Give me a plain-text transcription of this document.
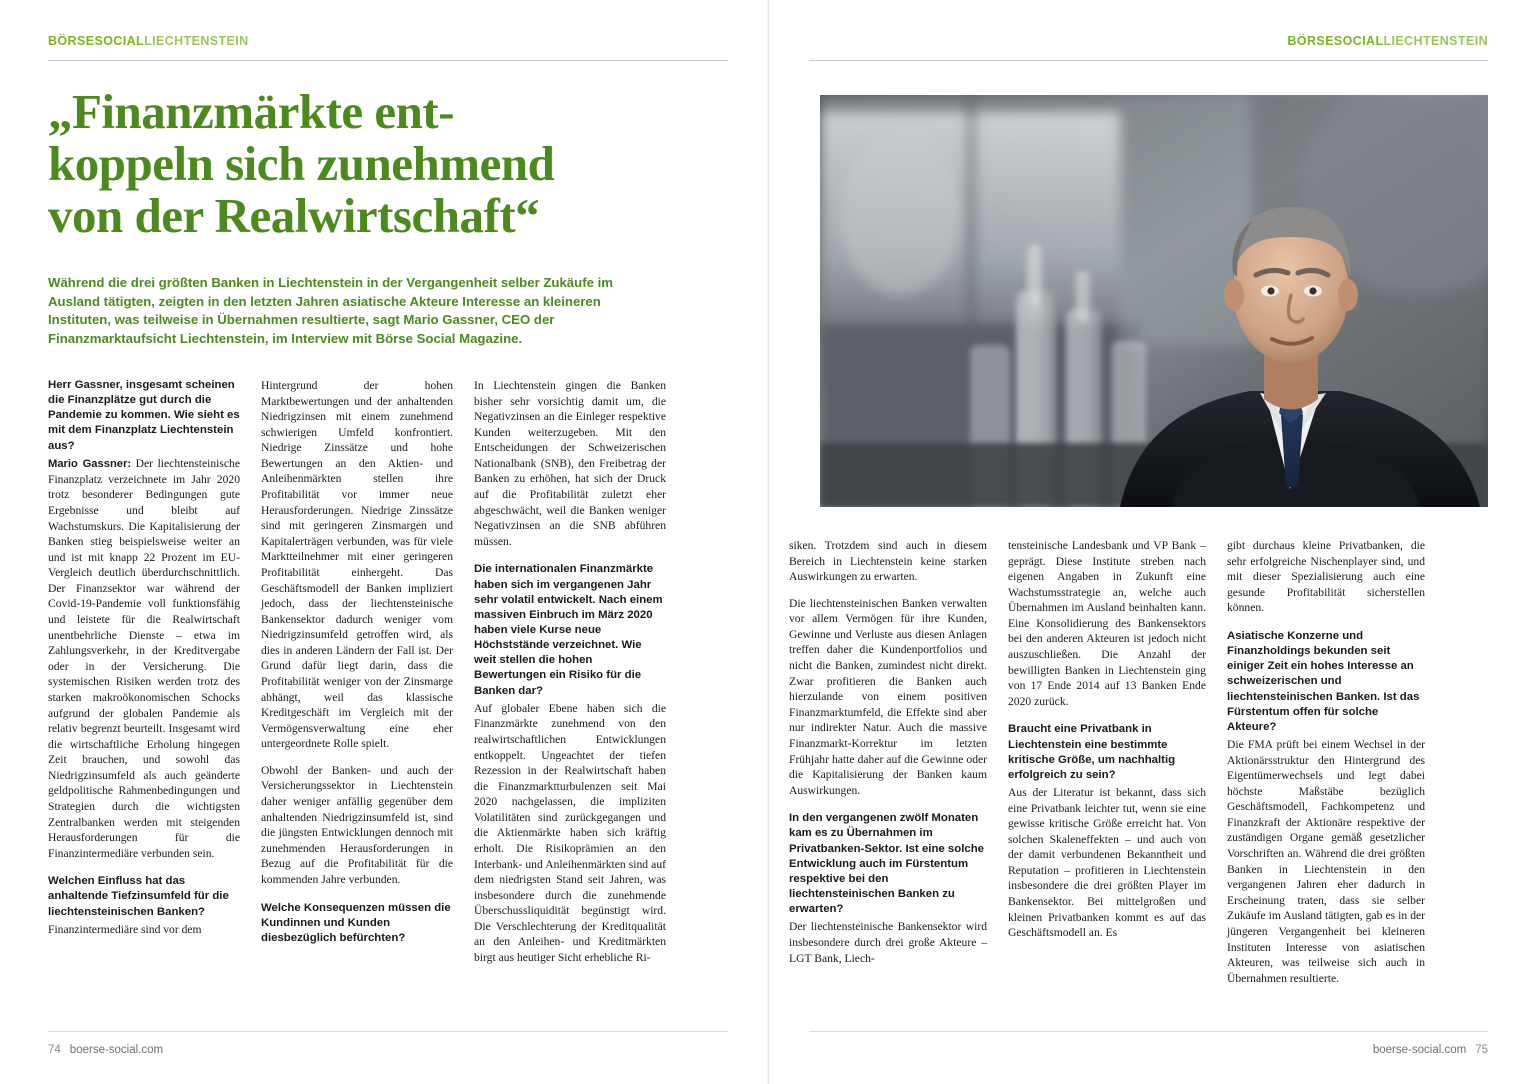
BÖRSESOCIALLIECHTENSTEIN
„Finanzmärkte ent-
koppeln sich zunehmend
von der Realwirtschaft“
Während die drei größten Banken in Liechtenstein in der Vergangenheit selber Zukäufe im Ausland tätigten, zeigten in den letzten Jahren asiatische Akteure Interesse an kleineren Instituten, was teilweise in Übernahmen resultierte, sagt Mario Gassner, CEO der Finanzmarktaufsicht Liechtenstein, im Interview mit Börse Social Magazine.
Herr Gassner, insgesamt scheinen die Finanzplätze gut durch die Pandemie zu kommen. Wie sieht es mit dem Finanzplatz Liechtenstein aus?

Mario Gassner: Der liechtensteinische Finanzplatz verzeichnete im Jahr 2020 trotz besonderer Bedingungen gute Ergebnisse und bleibt auf Wachstumskurs. Die Kapitalisierung der Banken stieg beispielsweise weiter an und ist mit knapp 22 Prozent im EU-Vergleich deutlich überdurchschnittlich. Der Finanzsektor war während der Covid-19-Pandemie voll funktionsfähig und leistete für die Realwirtschaft unentbehrliche Dienste – etwa im Zahlungsverkehr, in der Kreditvergabe oder in der Versicherung. Die systemischen Risiken werden trotz des starken makroökonomischen Schocks aufgrund der globalen Pandemie als relativ begrenzt beurteilt. Insgesamt wird die wirtschaftliche Erholung hingegen Zeit brauchen, und sowohl das Niedrigzinsumfeld als auch geänderte geldpolitische Rahmenbedingungen und Strategien durch die wichtigsten Zentralbanken werden mit steigenden Herausforderungen für die Finanzintermediäre verbunden sein.

Welchen Einfluss hat das anhaltende Tiefzinsumfeld für die liechtensteinischen Banken?

Finanzintermediäre sind vor dem

Hintergrund der hohen Marktbewertungen und der anhaltenden Niedrigzinsen mit einem zunehmend schwierigen Umfeld konfrontiert. Niedrige Zinssätze und hohe Bewertungen an den Aktien- und Anleihenmärkten stellen ihre Profitabilität vor immer neue Herausforderungen. Niedrige Zinssätze sind mit geringeren Zinsmargen und Kapitalerträgen verbunden, was für viele Marktteilnehmer mit einer geringeren Profitabilität einhergeht. Das Geschäftsmodell der Banken impliziert jedoch, dass der liechtensteinische Bankensektor dadurch weniger vom Niedrigzinsumfeld getroffen wird, als dies in anderen Ländern der Fall ist. Der Grund dafür liegt darin, dass die Profitabilität weniger von der Zinsmarge abhängt, weil das klassische Kreditgeschäft im Vergleich mit der Vermögensverwaltung eine eher untergeordnete Rolle spielt.

Obwohl der Banken- und auch der Versicherungssektor in Liechtenstein daher weniger anfällig gegenüber dem anhaltenden Niedrigzinsumfeld ist, sind die jüngsten Entwicklungen dennoch mit zunehmenden Herausforderungen in Bezug auf die Profitabilität für die kommenden Jahre verbunden.

Welche Konsequenzen müssen die Kundinnen und Kunden diesbezüglich befürchten?

In Liechtenstein gingen die Banken bisher sehr vorsichtig damit um, die Negativzinsen an die Einleger respektive Kunden weiterzugeben. Mit den Entscheidungen der Schweizerischen Nationalbank (SNB), den Freibetrag der Banken zu erhöhen, hat sich der Druck auf die Profitabilität zuletzt eher abgeschwächt, weil die Banken weniger Negativzinsen an die SNB abführen müssen.

Die internationalen Finanzmärkte haben sich im vergangenen Jahr sehr volatil entwickelt. Nach einem massiven Einbruch im März 2020 haben viele Kurse neue Höchststände verzeichnet. Wie weit stellen die hohen Bewertungen ein Risiko für die Banken dar?

Auf globaler Ebene haben sich die Finanzmärkte zunehmend von den realwirtschaftlichen Entwicklungen entkoppelt. Ungeachtet der tiefen Rezession in der Realwirtschaft haben die Finanzmarktturbulenzen seit Mai 2020 nachgelassen, die impliziten Volatilitäten sind zurückgegangen und die Aktienmärkte haben sich kräftig erholt. Die Risikoprämien an den Interbank- und Anleihenmärkten sind auf dem niedrigsten Stand seit Jahren, was insbesondere durch die zunehmende Überschussliquidität begünstigt wird. Die Verschlechterung der Kreditqualität an den Anleihen- und Kreditmärkten birgt aus heutiger Sicht erhebliche Ri-

74 boerse-social.com
BÖRSESOCIALLIECHTENSTEIN

siken. Trotzdem sind auch in diesem Bereich in Liechtenstein keine starken Auswirkungen zu erwarten.

Die liechtensteinischen Banken verwalten vor allem Vermögen für ihre Kunden, Gewinne und Verluste aus diesen Anlagen treffen daher die Kundenportfolios und nicht die Banken, zumindest nicht direkt. Zwar profitieren die Banken auch hierzulande von einem positiven Finanzmarktumfeld, die Effekte sind aber nur indirekter Natur. Auch die massive Finanzmarkt-Korrektur im letzten Frühjahr hatte daher auf die Gewinne oder die Kapitalisierung der Banken kaum Auswirkungen.

In den vergangenen zwölf Monaten kam es zu Übernahmen im Privatbanken-Sektor. Ist eine solche Entwicklung auch im Fürstentum respektive bei den liechtensteinischen Banken zu erwarten?

Der liechtensteinische Bankensektor wird insbesondere durch drei große Akteure – LGT Bank, Liech-

tensteinische Landesbank und VP Bank – geprägt. Diese Institute streben nach eigenen Angaben in Zukunft eine Wachstumsstrategie an, welche auch Übernahmen im Ausland beinhalten kann. Eine Konsolidierung des Bankensektors bei den anderen Akteuren ist jedoch nicht auszuschließen. Die Anzahl der bewilligten Banken in Liechtenstein ging von 17 Ende 2014 auf 13 Banken Ende 2020 zurück.

Braucht eine Privatbank in Liechtenstein eine bestimmte kritische Größe, um nachhaltig erfolgreich zu sein?

Aus der Literatur ist bekannt, dass sich eine Privatbank leichter tut, wenn sie eine gewisse kritische Größe erreicht hat. Von solchen Skaleneffekten – und auch von der damit verbundenen Bekanntheit und Reputation – profitieren in Liechtenstein insbesondere die drei größten Player im Bankensektor. Bei mittelgroßen und kleinen Privatbanken kommt es auf das Geschäftsmodell an. Es

gibt durchaus kleine Privatbanken, die sehr erfolgreiche Nischenplayer sind, und mit dieser Spezialisierung auch eine gesunde Profitabilität sicherstellen können.

Asiatische Konzerne und Finanzholdings bekunden seit einiger Zeit ein hohes Interesse an schweizerischen und liechtensteinischen Banken. Ist das Fürstentum offen für solche Akteure?

Die FMA prüft bei einem Wechsel in der Aktionärsstruktur den Hintergrund des Eigentümerwechsels und legt dabei höchste Maßstäbe bezüglich Geschäftsmodell, Fachkompetenz und Finanzkraft der Aktionäre respektive der zuständigen Organe gemäß gesetzlicher Vorschriften an. Während die drei größten Banken in Liechtenstein in den vergangenen Jahren eher dadurch in Erscheinung traten, dass sie selber Zukäufe im Ausland tätigten, gab es in der jüngeren Vergangenheit bei kleineren Instituten Interesse von asiatischen Akteuren, was teilweise sich auch in Übernahmen resultierte.

boerse-social.com 75
